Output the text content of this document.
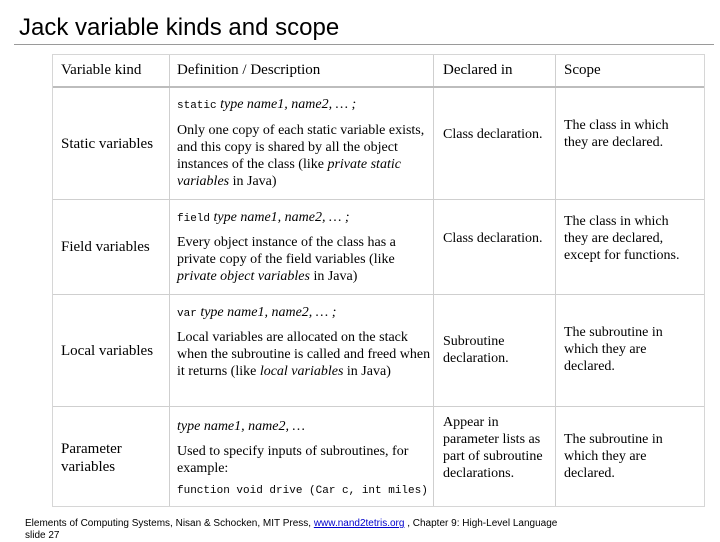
Jack variable kinds and scope
Variable kind Definition / Description	Declared in	Scope
Static variables
static type name1, name2, … ;
Only one copy of each static variable exists, and this copy is shared by all the object instances of the class (like private static variables in Java)
Class declaration.
The class in which they are declared.
Field variables
field type name1, name2, … ;
Every object instance of the class has a private copy of the field variables (like private object variables in Java)
Class declaration.
The class in which they are declared, except for functions.
Local variables
var type name1, name2, … ;
Local variables are allocated on the stack when the subroutine is called and freed when it returns (like local variables in Java)
Subroutine declaration.
The subroutine in which they are declared.
Parameter variables
type name1, name2, …
Used to specify inputs of subroutines, for example:
function void drive (Car c, int miles)
Appear in parameter lists as part of subroutine declarations.
The subroutine in which they are declared.
Elements of Computing Systems, Nisan & Schocken, MIT Press, www.nand2tetris.org , Chapter 9: High-Level Language
slide 27
